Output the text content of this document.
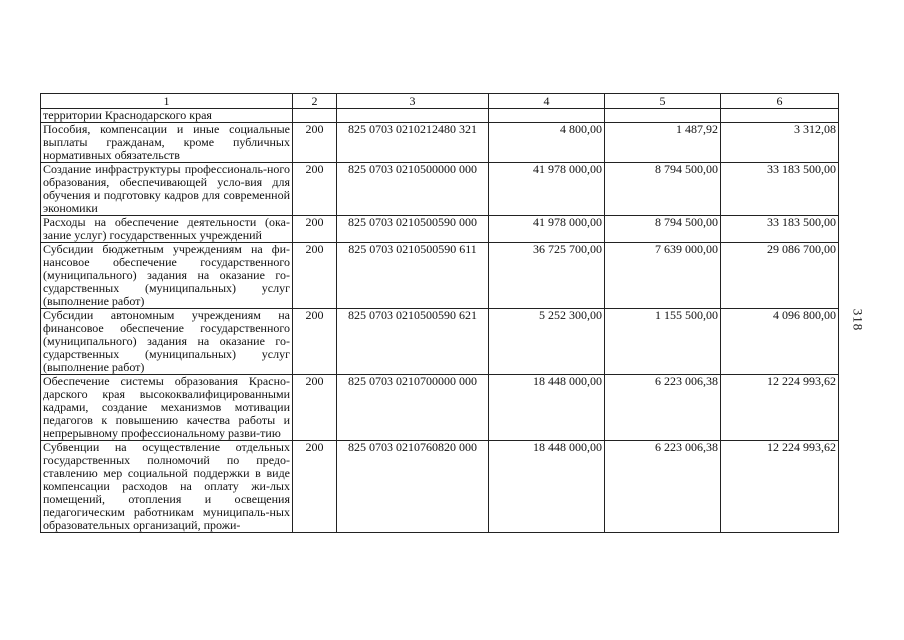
1	2	3	4	5	6
территории Краснодарского края					
Пособия, компенсации и иные социальные выплаты гражданам, кроме публичных нормативных обязательств	200	825 0703 0210212480 321	4 800,00	1 487,92	3 312,08
Создание инфраструктуры профессиональ-ного образования, обеспечивающей усло-вия для обучения и подготовку кадров для современной экономики	200	825 0703 0210500000 000	41 978 000,00	8 794 500,00	33 183 500,00
Расходы на обеспечение деятельности (ока-зание услуг) государственных учреждений	200	825 0703 0210500590 000	41 978 000,00	8 794 500,00	33 183 500,00
Субсидии бюджетным учреждениям на фи-нансовое обеспечение государственного (муниципального) задания на оказание го-сударственных (муниципальных) услуг (выполнение работ)	200	825 0703 0210500590 611	36 725 700,00	7 639 000,00	29 086 700,00
Субсидии автономным учреждениям на финансовое обеспечение государственного (муниципального) задания на оказание го-сударственных (муниципальных) услуг (выполнение работ)	200	825 0703 0210500590 621	5 252 300,00	1 155 500,00	4 096 800,00
Обеспечение системы образования Красно-дарского края высококвалифицированными кадрами, создание механизмов мотивации педагогов к повышению качества работы и непрерывному профессиональному разви-тию	200	825 0703 0210700000 000	18 448 000,00	6 223 006,38	12 224 993,62
Субвенции на осуществление отдельных государственных полномочий по предо-ставлению мер социальной поддержки в виде компенсации расходов на оплату жи-лых помещений, отопления и освещения педагогическим работникам муниципаль-ных образовательных организаций, прожи-	200	825 0703 0210760820 000	18 448 000,00	6 223 006,38	12 224 993,62
318
